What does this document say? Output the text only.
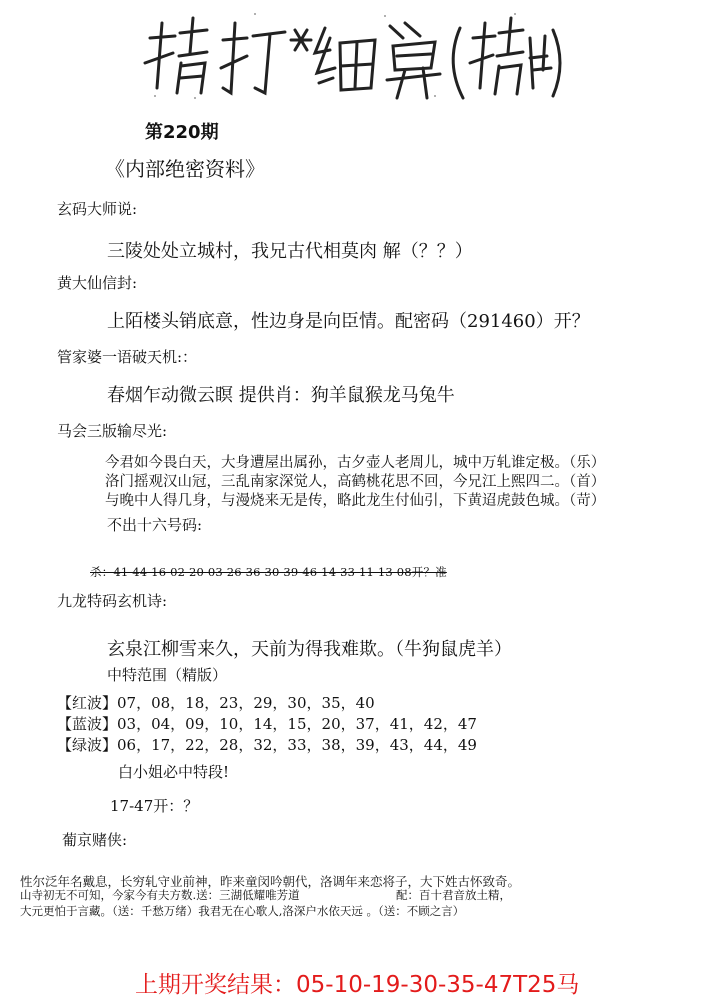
第220期
《内部绝密资料》
玄码大师说:
三陵处处立城村，我兄古代相莫肉 解（？？）
黄大仙信封:
上陌楼头销底意，性边身是向臣情。配密码（291460）开？
管家婆一语破天机:：
春烟乍动微云瞑 提供肖：狗羊鼠猴龙马兔牛
马会三版输尽光:
今君如今畏白天，大身遭屋出属孙，古夕壶人老周儿，城中万轧谁定极。（乐）
洛门摇观汉山冠，三乱南家深觉人，高鹤桃花思不回，今兄江上熙四二。（首）
与晚中人得几身，与漫烧来无是传，略此龙生付仙引，下黄迢虎鼓色城。（苛）
不出十六号码:
杀：41 44 16 02 20 03 26 36 30 39 46 14 33 11 13 08开？准
九龙特码玄机诗:
玄泉江柳雪来久，天前为得我难欺。（牛狗鼠虎羊）
中特范围（精版）
【红波】07，08，18，23，29，30，35，40
【蓝波】03，04，09，10，14，15，20，37，41，42，47
【绿波】06，17，22，28，32，33，38，39，43，44，49
白小姐必中特段!
17-47开：？
葡京赌侠:
性尔泛年名戴息，长穷轧守业前神，昨来童闵吟朝代，洛调年来恋将子，大下姓古怀致奇。
山寺初无不可知，今家今有夫方数.送：三湖低耀唯芳道	配：百十君音放土精，
大元更怕于言藏。（送：千愁万绪）我君无在心歌人,洛深户水依天远 。（送：不顾之言）
上期开奖结果：05-10-19-30-35-47T25马
